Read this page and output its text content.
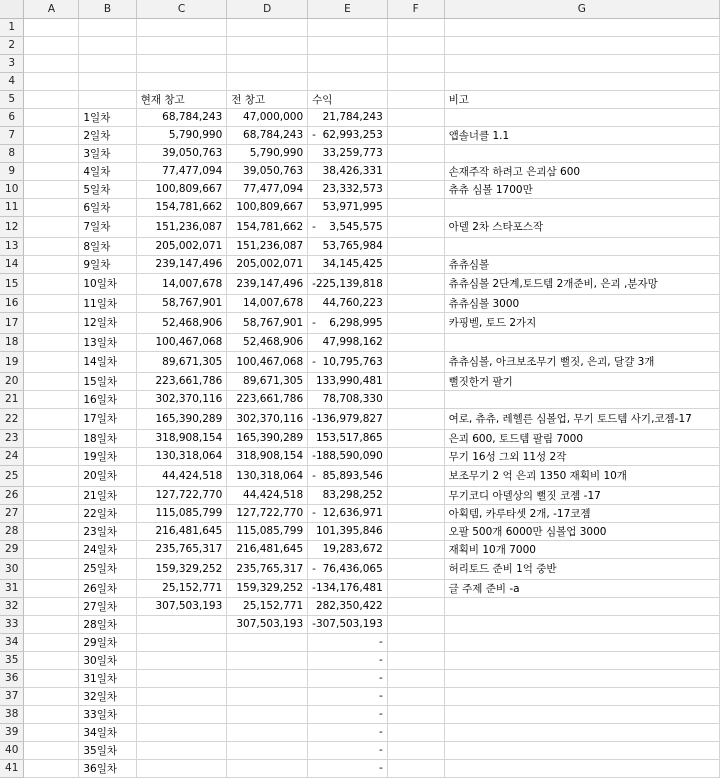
	A	B	C	D	E	F	G
1							
2							
3							
4							
5			현재 창고	전 창고	수익		비고
6		1일차	68,784,243	47,000,000	21,784,243		
7		2일차	5,790,990	68,784,243	- 62,993,253		앱솔너클 1.1
8		3일차	39,050,763	5,790,990	33,259,773		
9		4일차	77,477,094	39,050,763	38,426,331		손재주작 하려고 은괴삼 600
10		5일차	100,809,667	77,477,094	23,332,573		츄츄 심볼 1700만
11		6일차	154,781,662	100,809,667	53,971,995		
12		7일차	151,236,087	154,781,662	- 3,545,575		아델 2차 스타포스작
13		8일차	205,002,071	151,236,087	53,765,984		
14		9일차	239,147,496	205,002,071	34,145,425		츄츄심볼
15		10일차	14,007,678	239,147,496	-225,139,818		츄츄심볼 2단계,토드템 2개준비, 은괴 ,분자망
16		11일차	58,767,901	14,007,678	44,760,223		츄츄심볼 3000
17		12일차	52,468,906	58,767,901	- 6,298,995		카핑벨, 토드 2가지
18		13일차	100,467,068	52,468,906	47,998,162		
19		14일차	89,671,305	100,467,068	- 10,795,763		츄츄심볼, 아크보조무기 뻘짓, 은괴, 달걀 3개
20		15일차	223,661,786	89,671,305	133,990,481		뻘짓한거 팔기
21		16일차	302,370,116	223,661,786	78,708,330		
22		17일차	165,390,289	302,370,116	-136,979,827		여로, 츄츄, 레헬른 심볼업, 무기 토드템 사기,코젬-17
23		18일차	318,908,154	165,390,289	153,517,865		은괴 600, 토드템 팔림 7000
24		19일차	130,318,064	318,908,154	-188,590,090		무기 16성 그외 11성 2작
25		20일차	44,424,518	130,318,064	- 85,893,546		보조무기 2 억 은괴 1350 재획비 10개
26		21일차	127,722,770	44,424,518	83,298,252		무기코디 아델상의 뻘짓 코젬 -17
27		22일차	115,085,799	127,722,770	- 12,636,971		아획템, 카루타셋 2개, -17코젬
28		23일차	216,481,645	115,085,799	101,395,846		오팔 500개 6000만 심볼업 3000
29		24일차	235,765,317	216,481,645	19,283,672		재획비 10개 7000
30		25일차	159,329,252	235,765,317	- 76,436,065		허리토드 준비 1억 중반
31		26일차	25,152,771	159,329,252	-134,176,481		글 주제 준비 -a
32		27일차	307,503,193	25,152,771	282,350,422		
33		28일차		307,503,193	-307,503,193		
34		29일차			-		
35		30일차			-		
36		31일차			-		
37		32일차			-		
38		33일차			-		
39		34일차			-		
40		35일차			-		
41		36일차			-		
